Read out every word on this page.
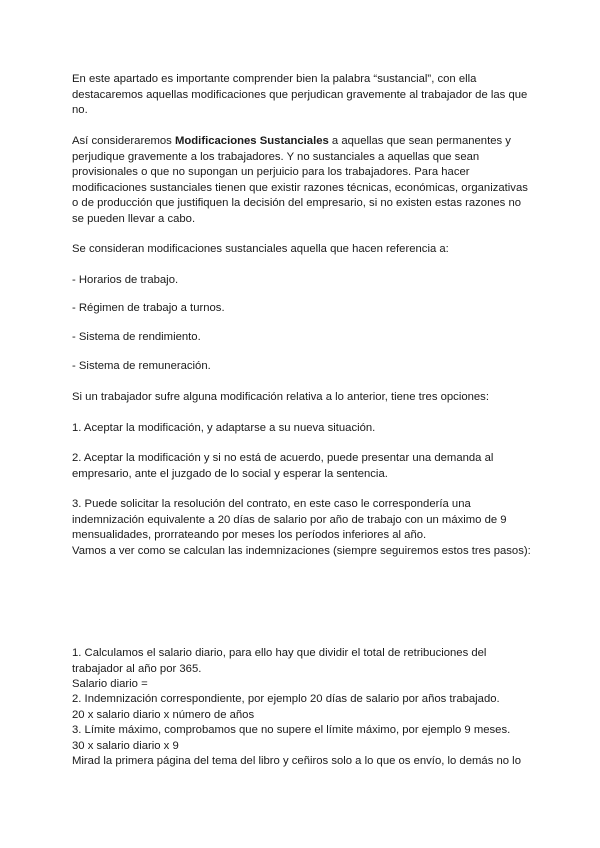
En este apartado es importante comprender bien la palabra “sustancial”, con ella destacaremos aquellas modificaciones que perjudican gravemente al trabajador de las que no.

Así consideraremos Modificaciones Sustanciales a aquellas que sean permanentes y perjudique gravemente a los trabajadores. Y no sustanciales a aquellas que sean provisionales o que no supongan un perjuicio para los trabajadores. Para hacer modificaciones sustanciales tienen que existir razones técnicas, económicas, organizativas o de producción que justifiquen la decisión del empresario, si no existen estas razones no se pueden llevar a cabo.

Se consideran modificaciones sustanciales aquella que hacen referencia a:

- Horarios de trabajo.

- Régimen de trabajo a turnos.

- Sistema de rendimiento.

- Sistema de remuneración.

Si un trabajador sufre alguna modificación relativa a lo anterior, tiene tres opciones:

1. Aceptar la modificación, y adaptarse a su nueva situación.

2. Aceptar la modificación y si no está de acuerdo, puede presentar una demanda al empresario, ante el juzgado de lo social y esperar la sentencia.

3. Puede solicitar la resolución del contrato, en este caso le correspondería una indemnización equivalente a 20 días de salario por año de trabajo con un máximo de 9 mensualidades, prorrateando por meses los períodos inferiores al año.

Vamos a ver como se calculan las indemnizaciones (siempre seguiremos estos tres pasos):

1. Calculamos el salario diario, para ello hay que dividir el total de retribuciones del trabajador al año por 365.

Salario diario =

2. Indemnización correspondiente, por ejemplo 20 días de salario por años trabajado.

20 x salario diario x número de años

3. Límite máximo, comprobamos que no supere el límite máximo, por ejemplo 9 meses.

30 x salario diario x 9

Mirad la primera página del tema del libro y ceñiros solo a lo que os envío, lo demás no lo
